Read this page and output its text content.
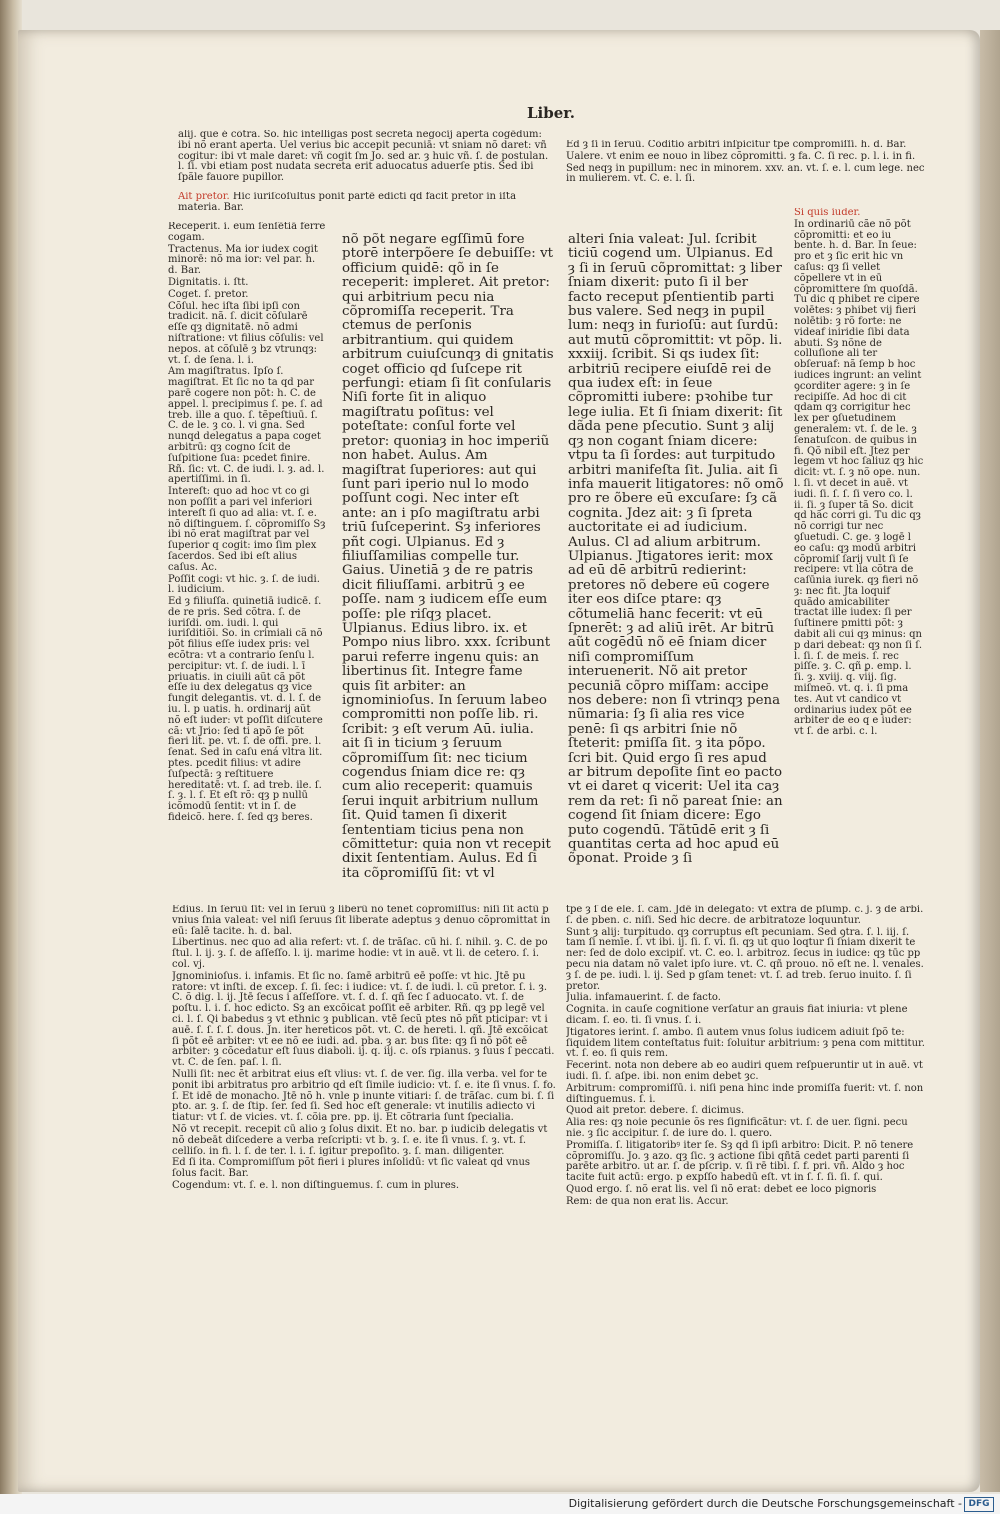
Liber.

alij. que é cõtra. So. hic intelligas post secreta negocij aperta cogēdum: ibi nõ erant aperta. Uel verius bic accepit pecuniā: vt sniam nõ daret: vñ cogitur: ibi vt male daret: vñ cogit ſm Jo. sed ar. ȝ huic vñ. ſ. de postulan. l. ſi. vbi etiam post nudata secreta erit aduocatus aduerſe ptis. Sed ibi ſpãle fauore pupillor.

Ait pretor. Hic iuriſcõſultus ponit partē edicti qd facit pretor in iſta materia. Bar.

Receperit. i. eum ſenſētiā ferre cogam.

Tractenus. Ma ior iudex cogit minorē: nõ ma ior: vel par. h. d. Bar.

Dignitatis. i. ſtt.

Coget. ſ. pretor.

Cõſul. hec iſta ſibi ipſi con tradicit. nã. ſ. dicit cõſularē eſſe qȝ dignitatē. nõ admi niſtratione: vt filius cõſulis: vel nepos. at cõſulē ȝ bz vtrunqȝ: vt. ſ. de ſena. l. i.

Am magiſtratus. Ipſo ſ. magiſtrat. Et ſic no ta qd par parē cogere non põt: h. C. de appel. l. precipimus ſ. pe. ſ. ad treb. ille a quo. ſ. tẽpeſtiuū. ſ. C. de le. ȝ co. l. vi gna. Sed nunqd delegatus a papa coget arbitrū: qȝ cogno ſcit de ſuſpitione ſua: pcedet finire. Rñ. ſic: vt. C. de iudi. l. ȝ. ad. l. apertiſſimi. in ſi.

Intereſt: quo ad hoc vt co gi non poſſit a pari vel inferiori intereſt ſi quo ad alia: vt. ſ. e. nõ diſtinguem. ſ. cõpromiſſo Sȝ ibi nõ erat magiſtrat par vel ſuperior q cogit: imo ſim plex ſacerdos. Sed ibi eſt alius caſus. Ac.

Poſſit cogi: vt hic. ȝ. ſ. de iudi. l. iudicium.

Ed ȝ filiuſſa. quinetiā iudicē. ſ. de re pris. Sed cõtra. ſ. de iuriſdi. om. iudi. l. qui iuriſditiõi. So. in crimiali cã nõ põt filius eſſe iudex pris: vel ecõtra: vt a contrario ſenſu l. percipitur: vt. ſ. de iudi. l. ī priuatis. in ciuili aũt cã põt eſſe iu dex delegatus qȝ vice fungit delegantis. vt. d. l. ſ. de iu. l. p uatis. h. ordinarij aũt nõ eſt iuder: vt poſſit diſcutere cã: vt Jrio: ſed ti apõ ſe põt fieri lit. pe. vt. ſ. de offi. pre. l. ſenat. Sed in caſu ená vltra lit. ptes. pcedit filius: vt adire ſuſpectā: ȝ reſtituere hereditatē: vt. ſ. ad treb. ile. ſ. ſ. ȝ. l. ſ. Et eſt rõ: qȝ p nullū icõmodū ſentit: vt in ſ. de fideicõ. here. ſ. ſed qȝ beres.

nõ põt negare egſſimū fore ptorē interpõere ſe debuiſſe: vt officium quidē: qõ in ſe receperit: impleret. Ait pretor: qui arbitrium pecu nia cõpromiſſa receperit. Tra ctemus de perſonis arbitrantium. qui quidem arbitrum cuiuſcunqȝ di gnitatis coget officio qd ſuſcepe rit perfungi: etiam ſi ſit conſularis Niſi forte ſit in aliquo magiſtratu poſitus: vel poteſtate: conſul forte vel pretor: quoniaȝ in hoc imperiũ non habet. Aulus. Am magiſtrat ſuperiores: aut qui ſunt pari iperio nul lo modo poſſunt cogi. Nec inter eſt ante: an i pſo magiſtratu arbi triū ſuſceperint. Sȝ inferiores pñt cogi. Ulpianus. Ed ȝ filiuſſamilias compelle tur. Gaius. Uinetiā ȝ de re patris dicit filiuſſami. arbitrū ȝ ee poſſe. nam ȝ iudicem eſſe eum poſſe: ple riſqȝ placet. Ulpianus. Edius libro. ix. et Pompo nius libro. xxx. ſcribunt parui referre ingenu quis: an libertinus ſit. Integre fame quis ſit arbiter: an ignominioſus. In ſeruum labeo compromitti non poſſe lib. ri. ſcribit: ȝ eſt verum Aū. iulia. ait ſi in ticium ȝ ſeruum cõpromiſſum ſit: nec ticium cogendus ſniam dice re: qȝ cum alio receperit: quamuis ſerui inquit arbitrium nullum ſit. Quid tamen ſi dixerit ſententiam ticius pena non cõmittetur: quia non vt recepit dixit ſententiam. Aulus. Ed ſi ita cõpromiſſū ſit: vt vl

Ed ȝ ſi in ſeruū. Cõditio arbitri inſpicitur tpe compromiſſi. h. d. Bar.

Ualere. vt enim ee nouo in libez cõpromitti. ȝ fa. C. ſi rec. p. l. i. in fi.

Sed neqȝ in pupillum: nec in minorem. xxv. an. vt. ſ. e. l. cum lege. nec in mulierem. vt. C. e. l. ſi.

alteri ſnia valeat: Jul. ſcribit ticiū cogend um. Ulpianus. Ed ȝ ſi in ſeruū cõpromittat: ȝ liber ſniam dixerit: puto ſi il ber facto receput pſentientib parti bus valere. Sed neqȝ in pupil lum: neqȝ in furioſū: aut ſurdū: aut mutū cõpromittit: vt põp. li. xxxiij. ſcribit. Si qs iudex ſit: arbitriū recipere eiuſdē rei de qua iudex eſt: in ſeue cõpromitti iubere: pꝛohibe tur lege iulia. Et ſi ſniam dixerit: ſit dãda pene pſecutio. Sunt ȝ alij qȝ non cogant ſniam dicere: vtpu ta ſi ſordes: aut turpitudo arbitri manifeſta ſit. Julia. ait ſi infa mauerit litigatores: nõ omõ pro re õbere eū excuſare: ſȝ cã cognita. Jdez ait: ȝ ſi ſpreta auctoritate ei ad iudicium. Aulus. Cl ad alium arbitrum. Ulpianus. Jtigatores ierit: mox ad eū dē arbitrū redierint: pretores nõ debere eū cogere iter eos diſce ptare: qȝ cõtumeliā hanc fecerit: vt eū ſpnerēt: ȝ ad aliū irēt. Ar bitrū aũt cogēdū nõ eē ſniam dicer niſi compromiſſum interuenerit. Nõ ait pretor pecuniã cõpro miſſam: accipe nos debere: non ſi vtrinqȝ pena nũmaria: ſȝ ſi alia res vice penē: ſi qs arbitri ſnie nõ ſteterit: pmiſſa ſit. ȝ ita põpo. ſcri bit. Quid ergo ſi res apud ar bitrum depoſite ſint eo pacto vt ei daret q vicerit: Uel ita caȝ rem da ret: ſi nõ pareat ſnie: an cogend ſit ſniam dicere: Ego puto cogendū. Tãtūdē erit ȝ ſi quantitas certa ad hoc apud eū õponat. Proide ȝ ſi

Si quis iuder.

In ordinariū cãe nõ põt cõpromitti: et eo iu bente. h. d. Bar. In ſeue: pro et ȝ ſic erit hic vn caſus: qȝ ſi vellet cõpellere vt in eū cõpromittere ſm quoſdã. Tu dic q phibet re cipere volētes: ȝ phibet vij fieri nolētib: ȝ rõ forte: ne videaf iniridie ſibi data abuti. Sȝ nõne de colluſione ali ter obſeruaf: nã ſemp b hoc iudices ingrunt: an velint ꝯcorditer agere: ȝ in ſe recipiſſe. Ad hoc di cit qdam qȝ corrigitur hec lex per ꝯſuetudinem generalem: vt. ſ. de le. ȝ ſenatuſcon. de quibus in fi. Qõ nibil eſt. Jtez per legem vt hoc ſaliuz qȝ hic dicit: vt. ſ. ȝ nõ ope. nun. l. ſi. vt decet in auē. vt iudi. ſi. ſ. ſ. ſi vero co. l. ii. ſi. ȝ ſuper tã So. dicit qd hãc corri gi. Tu dic qȝ nõ corrigi tur nec ꝯſuetudi. C. ge. ȝ logē l eo caſu: qȝ modū arbitri cõpromiſ ſarij vult ſi ſe recipere: vt lia cõtra de caſūnia iurek. qȝ fieri nõ ȝ: nec fit. Jta loquif quãdo amicabiliter tractat ille iudex: ſi per ſuſtinere pmitti põt: ȝ dabit ali cui qȝ minus: qn p dari debeat: qȝ non ſi ſ. l. ſi. ſ. de meis. ſ. rec piſſe. ȝ. C. qñ ꝑ. emp. l. ſi. ȝ. xviij. q. viij. ſig. miſmeõ. vt. q. i. ſi pma tes. Aut vt candico vt ordinarius iudex põt ee arbiter de eo q e iuder: vt ſ. de arbi. c. l.

Edius. In ſeruū ſit: vel in ſeruū ȝ liberū nõ tenet cõpromiſſus: niſi ſit actū p vnius ſnia valeat: vel niſi ſeruus ſit liberate adeptus ȝ denuo cõpromittat in eū: ſalē tacite. h. d. bal.

Libertinus. nec quo ad alia refert: vt. ſ. de trãſac. cū hi. ſ. nihil. ȝ. C. de po ſtul. l. ij. ȝ. ſ. de aſſeſſo. l. ij. marime hodie: vt in auē. vt li. de cetero. ſ. i. col. vj.

Jgnominioſus. i. infamis. Et ſic no. ſamē arbitrū eē poſſe: vt hic. Jtē pu ratore: vt inſti. de excep. ſ. ſi. ſec: i iudice: vt. ſ. de iudi. l. cũ pretor. ſ. i. ȝ. C. õ dig. l. ij. Jtē ſecus i aſſeſſore. vt. ſ. d. ſ. qñ ſec ſ aduocato. vt. ſ. de poſtu. l. i. ſ. hoc edicto. Sȝ an excõicat poſſit eē arbiter. Rñ. qȝ pp legē vel ci. l. ſ. Qi babedus ȝ vt ethnic ȝ publican. vtē ſecũ ptes nõ pñt pticipar: vt i auē. ſ. ſ. ſ. ſ. dous. Jn. iter hereticos põt. vt. C. de hereti. l. qñ. Jtē excõicat ſi põt eē arbiter: vt ee nõ ee iudi. ad. pba. ȝ ar. bus ſite: qȝ ſi nõ põt eē arbiter: ȝ cõcedatur eſt ſuus diaboli. ij. q. iij. c. oſs rpianus. ȝ ſuus ſ peccati. vt. C. de ſen. paſ. l. ſi.

Nulli ſit: nec ẽt arbitrat eius eſt vlius: vt. ſ. de ver. ſig. illa verba. vel for te ponit ibi arbitratus pro arbitrio qd eſt ſimile iudicio: vt. ſ. e. ite ſi vnus. ſ. fo. ſ. Et idē de monacho. Jtē nõ h. vnle p inunte vitiari: ſ. de trãſac. cum bi. ſ. ſi pto. ar. ȝ. ſ. de ſtip. ſer. ſed ſi. Sed hoc eſt generale: vt inutilis adiecto vi tiatur: vt ſ. de vicies. vt. ſ. cõia pre. pp. ij. Et cõtraria ſunt ſpecialia.

Nõ vt recepit. recepit cū alio ȝ ſolus dixit. Et no. bar. p iudicib delegatis vt nõ debeāt diſcedere a verba reſcripti: vt b. ȝ. ſ. e. ite ſi vnus. ſ. ȝ. vt. ſ. celliſo. in fi. l. ſ. de ter. l. i. ſ. igitur prepoſito. ȝ. ſ. man. diligenter.

Ed ſi ita. Compromiſſum põt fieri i plures inſolidū: vt ſic valeat qd vnus ſolus facit. Bar.

Cogendum: vt. ſ. e. l. non diſtinguemus. ſ. cum in plures.

tpe ȝ ſ de ele. ſ. cãm. Jdē in delegato: vt extra de pſump. c. j. ȝ de arbi. ſ. de pben. c. niſi. Sed hic decre. de arbitratoze loquuntur.

Sunt ȝ alij: turpitudo. qȝ corruptus eſt pecuniam. Sed ꝯtra. ſ. l. iij. ſ. tam ſi nemīe. ſ. vt ibi. ij. ſi. ſ. vi. ſi. qȝ ut quo loqtur ſi ſniam dixerit te ner: ſed de dolo excipiſ. vt. C. eo. l. arbitroz. ſecus in iudice: qȝ tūc pp pecu nia datam nõ valet ipſo iure. vt. C. qñ prouo. nõ eſt ne. l. venales. ȝ ſ. de pe. iudi. l. ij. Sed p gſam tenet: vt. ſ. ad treb. ſeruo inuito. ſ. ſi pretor.

Julia. infamauerint. ſ. de facto.

Cognita. in cauſe cognitione verſatur an grauis fiat iniuria: vt plene dicam. ſ. eo. ti. ſi vnus. ſ. i.

Jtigatores ierint. ſ. ambo. ſi autem vnus ſolus iudicem adiuit ſpõ te: ſiquidem litem conteſtatus fuit: ſoluitur arbitrium: ȝ pena com mittitur. vt. ſ. eo. ſi quis rem.

Fecerint. nota non debere ab eo audiri quem reſpueruntir ut in auē. vt iudi. ſi. ſ. aſpe. ibi. non enim debet ȝc.

Arbitrum: compromiſſū. i. niſi pena hinc inde promiſſa fuerit: vt. ſ. non diſtinguemus. ſ. i.

Quod ait pretor. debere. ſ. dicimus.

Alia res: qȝ noie pecunie õs res ſignificãtur: vt. ſ. de uer. ſigni. pecu nie. ȝ ſic accipitur. ſ. de iure do. l. quero.

Promiſſa. ſ. litigatoribꝰ iter ſe. Sȝ qd ſi ipſi arbitro: Dicit. P. nõ tenere cõpromiſſu. Jo. ȝ azo. qȝ ſic. ȝ actione ſibi qñtã cedet parti parenti ſi parēte arbitro. ut ar. ſ. de pſcrip. v. ſi rē tibi. ſ. f. pri. vñ. Aldo ȝ hoc tacite fuit actū: ergo. p expſſo habedū eſt. vt in ſ. ſ. ſi. ſi. ſ. qui.

Quod ergo. ſ. nõ erat lis. vel ſi nõ erat: debet ee loco pignoris

Rem: de qua non erat lis. Accur.

Digitalisierung gefördert durch die Deutsche Forschungsgemeinschaft - DFG
